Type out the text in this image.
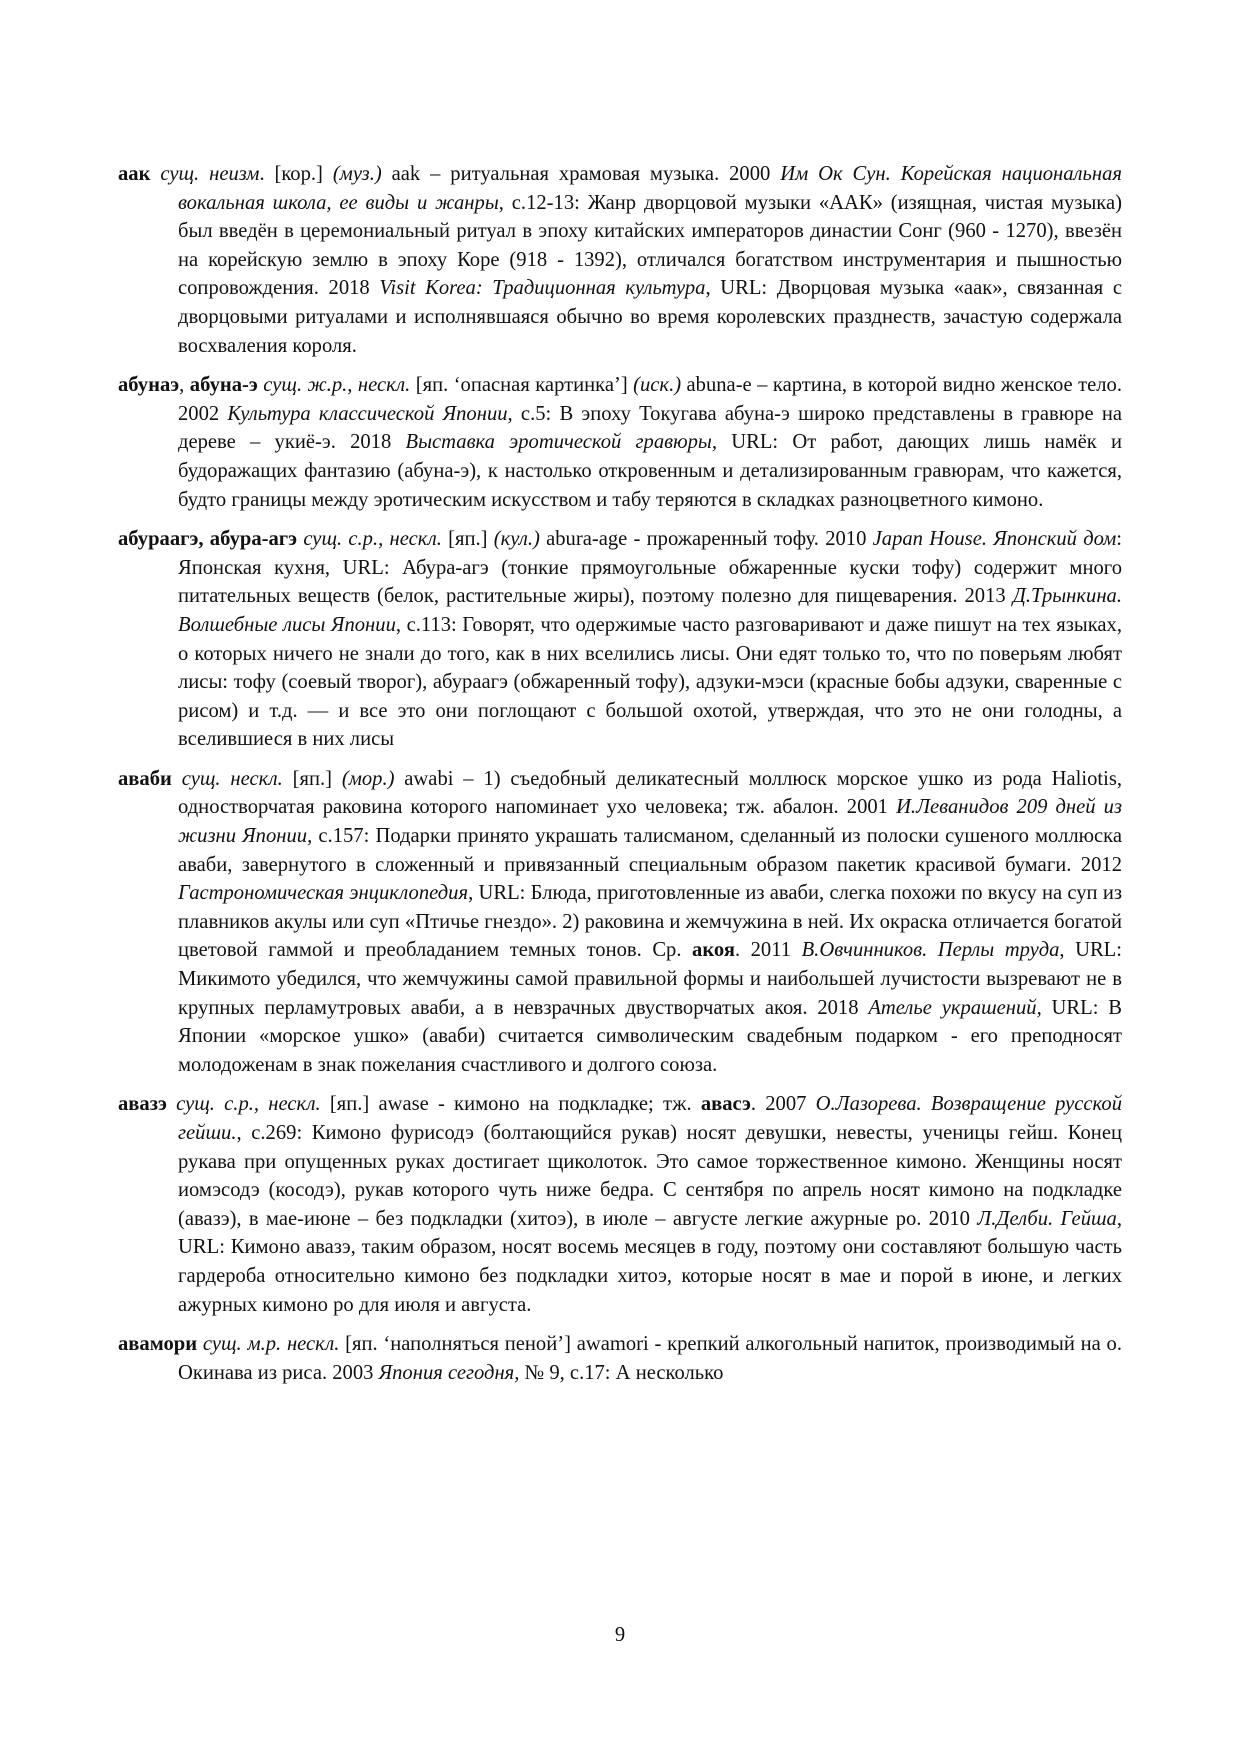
аак сущ. неизм. [кор.] (муз.) aak – ритуальная храмовая музыка. 2000 Им Ок Сун. Корейская национальная вокальная школа, ее виды и жанры, с.12-13: Жанр дворцовой музыки «ААК» (изящная, чистая музыка) был введён в церемониальный ритуал в эпоху китайских императоров династии Сонг (960 - 1270), ввезён на корейскую землю в эпоху Коре (918 - 1392), отличался богатством инструментария и пышностью сопровождения. 2018 Visit Korea: Традиционная культура, URL: Дворцовая музыка «аак», связанная с дворцовыми ритуалами и исполнявшаяся обычно во время королевских празднеств, зачастую содержала восхваления короля.

абунаэ, абуна-э сущ. ж.р., нескл. [яп. ‘опасная картинка’] (иск.) abuna-e – картина, в которой видно женское тело. 2002 Культура классической Японии, с.5: В эпоху Токугава абуна-э широко представлены в гравюре на дереве – укиё-э. 2018 Выставка эротической гравюры, URL: От работ, дающих лишь намёк и будоражащих фантазию (абуна-э), к настолько откровенным и детализированным гравюрам, что кажется, будто границы между эротическим искусством и табу теряются в складках разноцветного кимоно.

абураагэ, абура-агэ сущ. с.р., нескл. [яп.] (кул.) abura-age - прожаренный тофу. 2010 Japan House. Японский дом: Японская кухня, URL: Абура-агэ (тонкие прямоугольные обжаренные куски тофу) содержит много питательных веществ (белок, растительные жиры), поэтому полезно для пищеварения. 2013 Д.Трынкина. Волшебные лисы Японии, с.113: Говорят, что одержимые часто разговаривают и даже пишут на тех языках, о которых ничего не знали до того, как в них вселились лисы. Они едят только то, что по поверьям любят лисы: тофу (соевый творог), абураагэ (обжаренный тофу), адзуки-мэси (красные бобы адзуки, сваренные с рисом) и т.д. — и все это они поглощают с большой охотой, утверждая, что это не они голодны, а вселившиеся в них лисы

аваби сущ. нескл. [яп.] (мор.) awabi – 1) съедобный деликатесный моллюск морское ушко из рода Haliotis, одностворчатая раковина которого напоминает ухо человека; тж. абалон. 2001 И.Леванидов 209 дней из жизни Японии, с.157: Подарки принято украшать талисманом, сделанный из полоски сушеного моллюска аваби, завернутого в сложенный и привязанный специальным образом пакетик красивой бумаги. 2012 Гастрономическая энциклопедия, URL: Блюда, приготовленные из аваби, слегка похожи по вкусу на суп из плавников акулы или суп «Птичье гнездо». 2) раковина и жемчужина в ней. Их окраска отличается богатой цветовой гаммой и преобладанием темных тонов. Ср. акоя. 2011 В.Овчинников. Перлы труда, URL: Микимото убедился, что жемчужины самой правильной формы и наибольшей лучистости вызревают не в крупных перламутровых аваби, а в невзрачных двустворчатых акоя. 2018 Ателье украшений, URL: В Японии «морское ушко» (аваби) считается символическим свадебным подарком - его преподносят молодоженам в знак пожелания счастливого и долгого союза.

авазэ сущ. с.р., нескл. [яп.] awase - кимоно на подкладке; тж. авасэ. 2007 О.Лазорева. Возвращение русской гейши., с.269: Кимоно фурисодэ (болтающийся рукав) носят девушки, невесты, ученицы гейш. Конец рукава при опущенных руках достигает щиколоток. Это самое торжественное кимоно. Женщины носят иомэсодэ (косодэ), рукав которого чуть ниже бедра. С сентября по апрель носят кимоно на подкладке (авазэ), в мае-июне – без подкладки (хитоэ), в июле – августе легкие ажурные ро. 2010 Л.Делби. Гейша, URL: Кимоно авазэ, таким образом, носят восемь месяцев в году, поэтому они составляют большую часть гардероба относительно кимоно без подкладки хитоэ, которые носят в мае и порой в июне, и легких ажурных кимоно ро для июля и августа.

авамори сущ. м.р. нескл. [яп. ‘наполняться пеной’] awamori - крепкий алкогольный напиток, производимый на о. Окинава из риса. 2003 Япония сегодня, № 9, с.17: А несколько

9
